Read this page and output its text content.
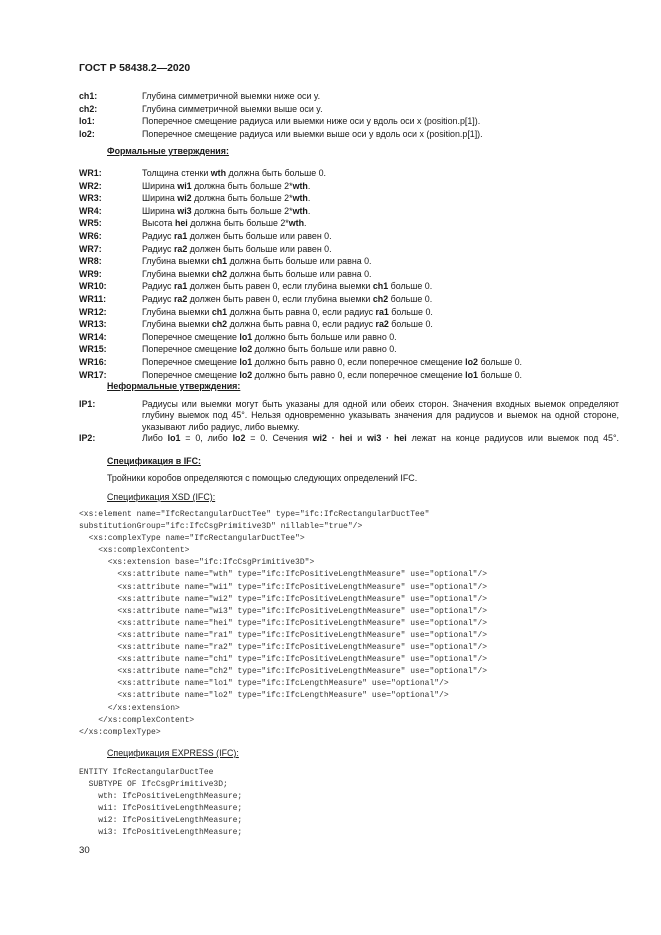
ГОСТ Р 58438.2—2020
ch1:	Глубина симметричной выемки ниже оси y.
ch2:	Глубина симметричной выемки выше оси y.
lo1:	Поперечное смещение радиуса или выемки ниже оси y вдоль оси x (position.p[1]).
lo2:	Поперечное смещение радиуса или выемки выше оси y вдоль оси x (position.p[1]).
Формальные утверждения:
WR1:	Толщина стенки wth должна быть больше 0.
WR2:	Ширина wi1 должна быть больше 2*wth.
WR3:	Ширина wi2 должна быть больше 2*wth.
WR4:	Ширина wi3 должна быть больше 2*wth.
WR5:	Высота hei должна быть больше 2*wth.
WR6:	Радиус ra1 должен быть больше или равен 0.
WR7:	Радиус ra2 должен быть больше или равен 0.
WR8:	Глубина выемки ch1 должна быть больше или равна 0.
WR9:	Глубина выемки ch2 должна быть больше или равна 0.
WR10:	Радиус ra1 должен быть равен 0, если глубина выемки ch1 больше 0.
WR11:	Радиус ra2 должен быть равен 0, если глубина выемки ch2 больше 0.
WR12:	Глубина выемки ch1 должна быть равна 0, если радиус ra1 больше 0.
WR13:	Глубина выемки ch2 должна быть равна 0, если радиус ra2 больше 0.
WR14:	Поперечное смещение lo1 должно быть больше или равно 0.
WR15:	Поперечное смещение lo2 должно быть больше или равно 0.
WR16:	Поперечное смещение lo1 должно быть равно 0, если поперечное смещение lo2 больше 0.
WR17:	Поперечное смещение lo2 должно быть равно 0, если поперечное смещение lo1 больше 0.
Неформальные утверждения:
IP1:	Радиусы или выемки могут быть указаны для одной или обеих сторон. Значения входных выемок определяют глубину выемок под 45°. Нельзя одновременно указывать значения для радиусов и выемок на одной стороне, указывают либо радиус, либо выемку.
IP2:	Либо lo1 = 0, либо lo2 = 0. Сечения wi2 · hei и wi3 · hei лежат на конце радиусов или выемок под 45°.
Спецификация в IFC:
Тройники коробов определяются с помощью следующих определений IFC.
Спецификация XSD (IFC):
<xs:element name="IfcRectangularDuctTee" type="ifc:IfcRectangularDuctTee"
substitutionGroup="ifc:IfcCsgPrimitive3D" nillable="true"/>
<xs:complexType name="IfcRectangularDuctTee">
<xs:complexContent>
<xs:extension base="ifc:IfcCsgPrimitive3D">
<xs:attribute name="wth" type="ifc:IfcPositiveLengthMeasure" use="optional"/>
<xs:attribute name="wi1" type="ifc:IfcPositiveLengthMeasure" use="optional"/>
<xs:attribute name="wi2" type="ifc:IfcPositiveLengthMeasure" use="optional"/>
<xs:attribute name="wi3" type="ifc:IfcPositiveLengthMeasure" use="optional"/>
<xs:attribute name="hei" type="ifc:IfcPositiveLengthMeasure" use="optional"/>
<xs:attribute name="ra1" type="ifc:IfcPositiveLengthMeasure" use="optional"/>
<xs:attribute name="ra2" type="ifc:IfcPositiveLengthMeasure" use="optional"/>
<xs:attribute name="ch1" type="ifc:IfcPositiveLengthMeasure" use="optional"/>
<xs:attribute name="ch2" type="ifc:IfcPositiveLengthMeasure" use="optional"/>
<xs:attribute name="lo1" type="ifc:IfcLengthMeasure" use="optional"/>
<xs:attribute name="lo2" type="ifc:IfcLengthMeasure" use="optional"/>
</xs:extension>
</xs:complexContent>
</xs:complexType>
Спецификация EXPRESS (IFC):
ENTITY IfcRectangularDuctTee
SUBTYPE OF IfcCsgPrimitive3D;
wth: IfcPositiveLengthMeasure;
wi1: IfcPositiveLengthMeasure;
wi2: IfcPositiveLengthMeasure;
wi3: IfcPositiveLengthMeasure;
30
